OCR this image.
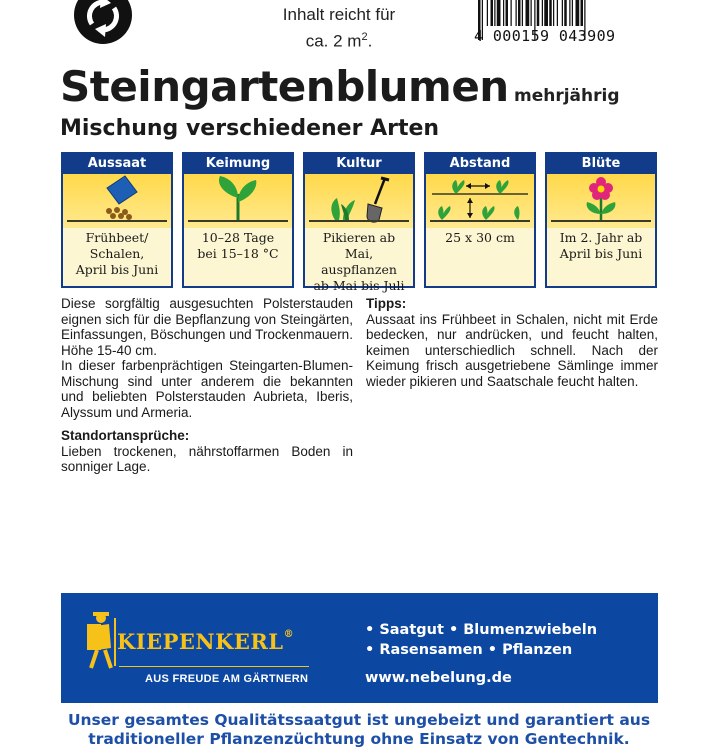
Inhalt reicht für
ca. 2 $m^2$.	4 000159 043909
Steingartenblumen mehrjährig
Mischung verschiedener Arten
Aussaat
Frühbeet/
Schalen,
April bis Juni
Keimung
10–28 Tage
bei 15–18 °C
Kultur
Pikieren ab Mai,
auspflanzen
ab Mai bis Juli
Abstand
25 x 30 cm
Blüte
Im 2. Jahr ab
April bis Juni

Diese sorgfältig ausgesuchten Polsterstauden eignen sich für die Bepflanzung von Steingärten, Einfassungen, Böschungen und Trockenmauern.

Höhe 15-40 cm.

In dieser farbenprächtigen Steingarten-Blumen-Mischung sind unter anderem die bekannten und beliebten Polsterstauden Aubrieta, Iberis, Alyssum und Armeria.

Standortansprüche:

Lieben trockenen, nährstoffarmen Boden in sonniger Lage.

Tipps:

Aussaat ins Frühbeet in Schalen, nicht mit Erde bedecken, nur andrücken, und feucht halten, keimen unterschiedlich schnell. Nach der Keimung frisch ausgetriebene Sämlinge immer wieder pikieren und Saatschale feucht halten.

KIEPENKERL®
AUS FREUDE AM GÄRTNERN
• Saatgut • Blumenzwiebeln
• Rasensamen • Pflanzen
www.nebelung.de
Unser gesamtes Qualitätssaatgut ist ungebeizt und garantiert aus
traditioneller Pflanzenzüchtung ohne Einsatz von Gentechnik.
